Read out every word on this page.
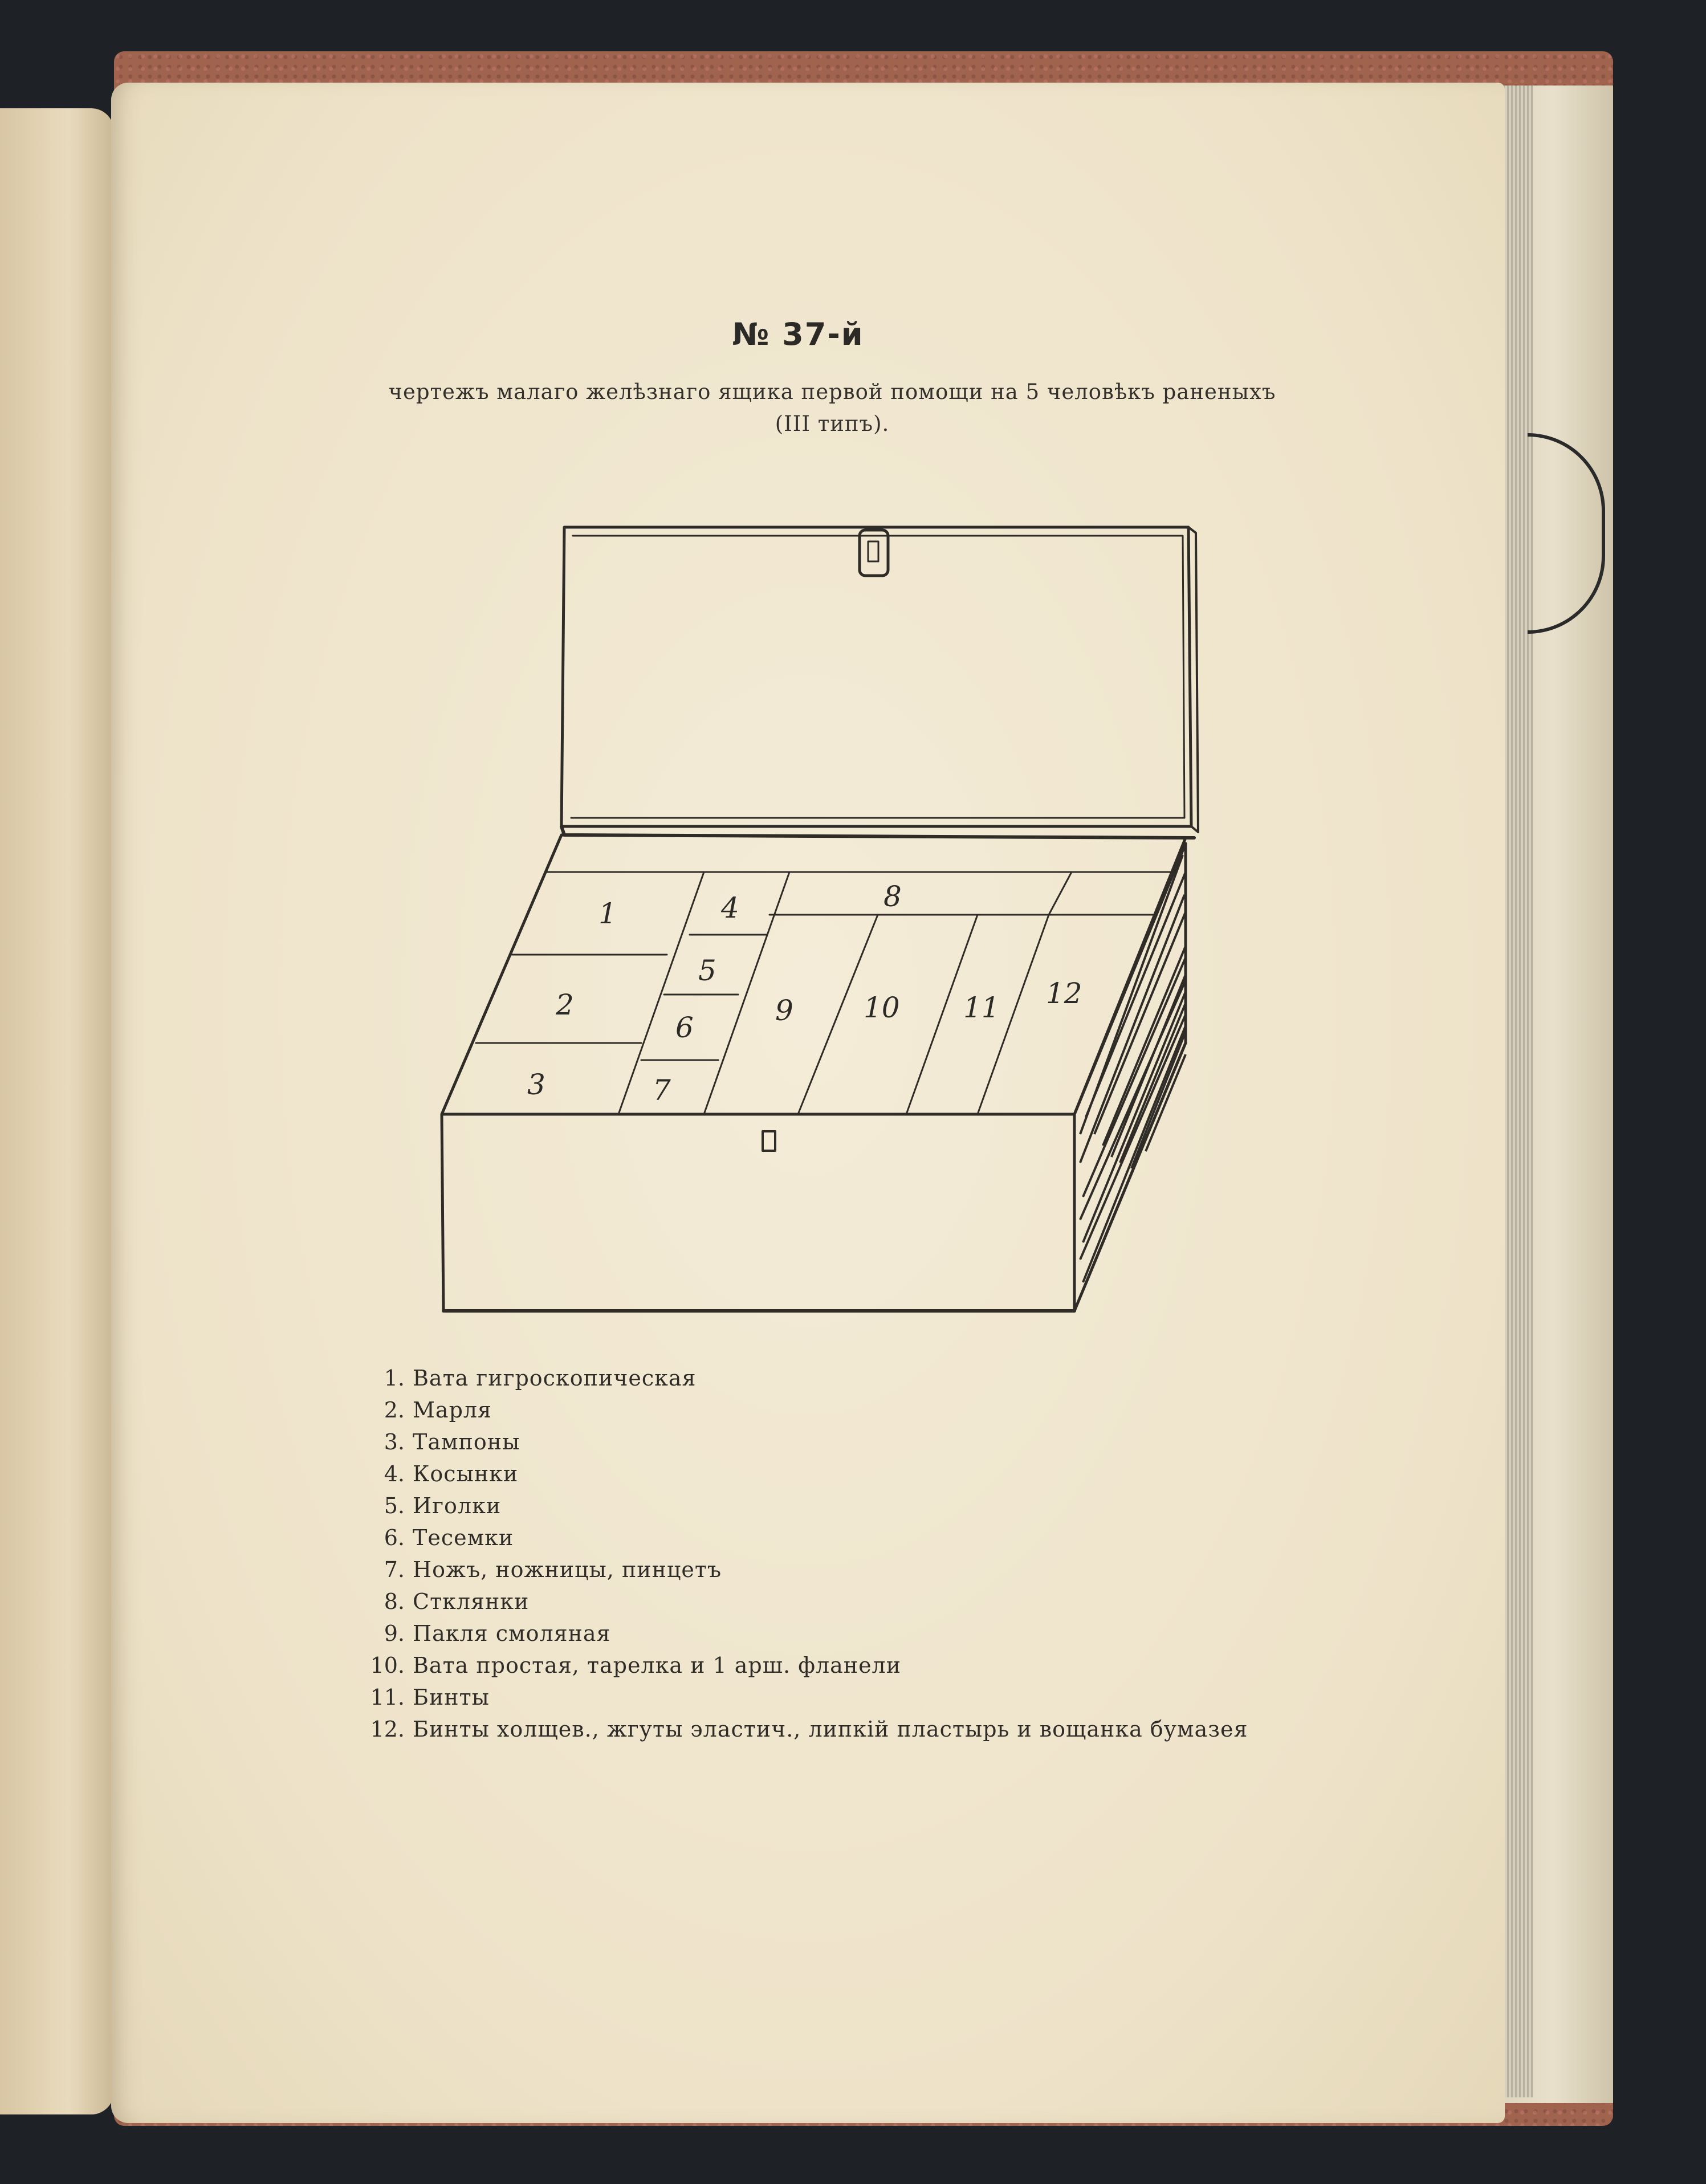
№ 37-й
чертежъ малаго желѣзнаго ящика первой помощи на 5 человѣкъ раненыхъ
(III типъ).
1
2
3
4
5
6
7
8
9 10 11 12
1. Вата гигроскопическая
2. Марля
3. Тампоны
4. Косынки
5. Иголки
6. Тесемки
7. Ножъ, ножницы, пинцетъ
8. Стклянки
9. Пакля смоляная
10. Вата простая, тарелка и 1 арш. фланели
11. Бинты
12. Бинты холщев., жгуты эластич., липкiй пластырь и вощанка бумазея
